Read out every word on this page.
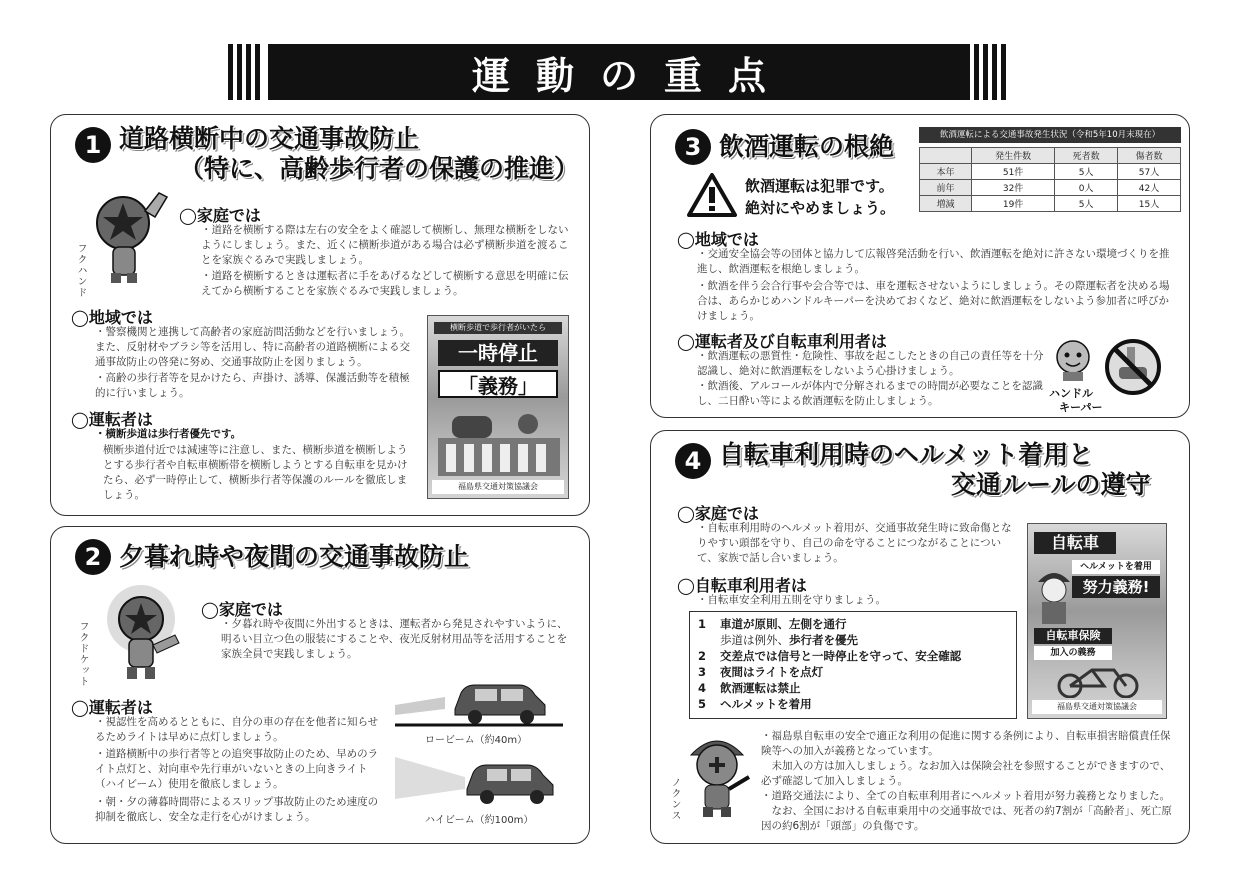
運動の重点
1 道路横断中の交通事故防止
（特に、高齢歩行者の保護の推進）
フクハンド
◯家庭では
・道路を横断する際は左右の安全をよく確認して横断し、無理な横断をしないようにしましょう。また、近くに横断歩道がある場合は必ず横断歩道を渡ることを家族ぐるみで実践しましょう。
・道路を横断するときは運転者に手をあげるなどして横断する意思を明確に伝えてから横断することを家族ぐるみで実践しましょう。
◯地域では
・警察機関と連携して高齢者の家庭訪問活動などを行いましょう。また、反射材やブラシ等を活用し、特に高齢者の道路横断による交通事故防止の啓発に努め、交通事故防止を図りましょう。
・高齢の歩行者等を見かけたら、声掛け、誘導、保護活動等を積極的に行いましょう。
◯運転者は
・横断歩道は歩行者優先です。
横断歩道付近では減速等に注意し、また、横断歩道を横断しようとする歩行者や自転車横断帯を横断しようとする自転車を見かけたら、必ず一時停止して、横断歩行者等保護のルールを徹底しましょう。
横断歩道で歩行者がいたら
一時停止
「義務」
福島県交通対策協議会
2 夕暮れ時や夜間の交通事故防止
フクドケット
◯家庭では
・夕暮れ時や夜間に外出するときは、運転者から発見されやすいように、明るい目立つ色の服装にすることや、夜光反射材用品等を活用することを家族全員で実践しましょう。
◯運転者は
・視認性を高めるとともに、自分の車の存在を他者に知らせるためライトは早めに点灯しましょう。
・道路横断中の歩行者等との追突事故防止のため、早めのライト点灯と、対向車や先行車がいないときの上向きライト（ハイビーム）使用を徹底しましょう。
・朝・夕の薄暮時間帯によるスリップ事故防止のため速度の抑制を徹底し、安全な走行を心がけましょう。
ロービーム（約40m）
ハイビーム（約100m）
3 飲酒運転の根絶
飲酒運転は犯罪です。
絶対にやめましょう。
飲酒運転による交通事故発生状況（令和5年10月末現在）
	発生件数	死者数	傷者数
本年	51件	5人	57人
前年	32件	0人	42人
増減	19件	5人	15人
◯地域では
・交通安全協会等の団体と協力して広報啓発活動を行い、飲酒運転を絶対に許さない環境づくりを推進し、飲酒運転を根絶しましょう。
・飲酒を伴う会合行事や会合等では、車を運転させないようにしましょう。その際運転者を決める場合は、あらかじめハンドルキーパーを決めておくなど、絶対に飲酒運転をしないよう参加者に呼びかけましょう。
◯運転者及び自転車利用者は
・飲酒運転の悪質性・危険性、事故を起こしたときの自己の責任等を十分認識し、絶対に飲酒運転をしないよう心掛けましょう。
・飲酒後、アルコールが体内で分解されるまでの時間が必要なことを認識し、二日酔い等による飲酒運転を防止しましょう。
ハンドル
キーパー
4 自転車利用時のヘルメット着用と
交通ルールの遵守
◯家庭では
・自転車利用時のヘルメット着用が、交通事故発生時に致命傷となりやすい頭部を守り、自己の命を守ることにつながることについて、家族で話し合いましょう。
◯自転車利用者は
・自転車安全利用五則を守りましょう。
1	車道が原則、左側を通行
歩道は例外、 歩行者を優先
2	交差点では信号と一時停止を守って、安全確認
3	夜間はライトを点灯
4	飲酒運転は禁止
5	ヘルメットを着用
自転車
ヘルメットを着用
努力義務!
自転車保険
加入の義務
福島県交通対策協議会
ノクンス
・福島県自転車の安全で適正な利用の促進に関する条例により、自転車損害賠償責任保険等への加入が義務となっています。
　未加入の方は加入しましょう。なお加入は保険会社を参照することができますので、必ず確認して加入しましょう。
・道路交通法により、全ての自転車利用者にヘルメット着用が努力義務となりました。
　なお、全国における自転車乗用中の交通事故では、死者の約7割が「高齢者」、死亡原因の約6割が「頭部」の負傷です。
